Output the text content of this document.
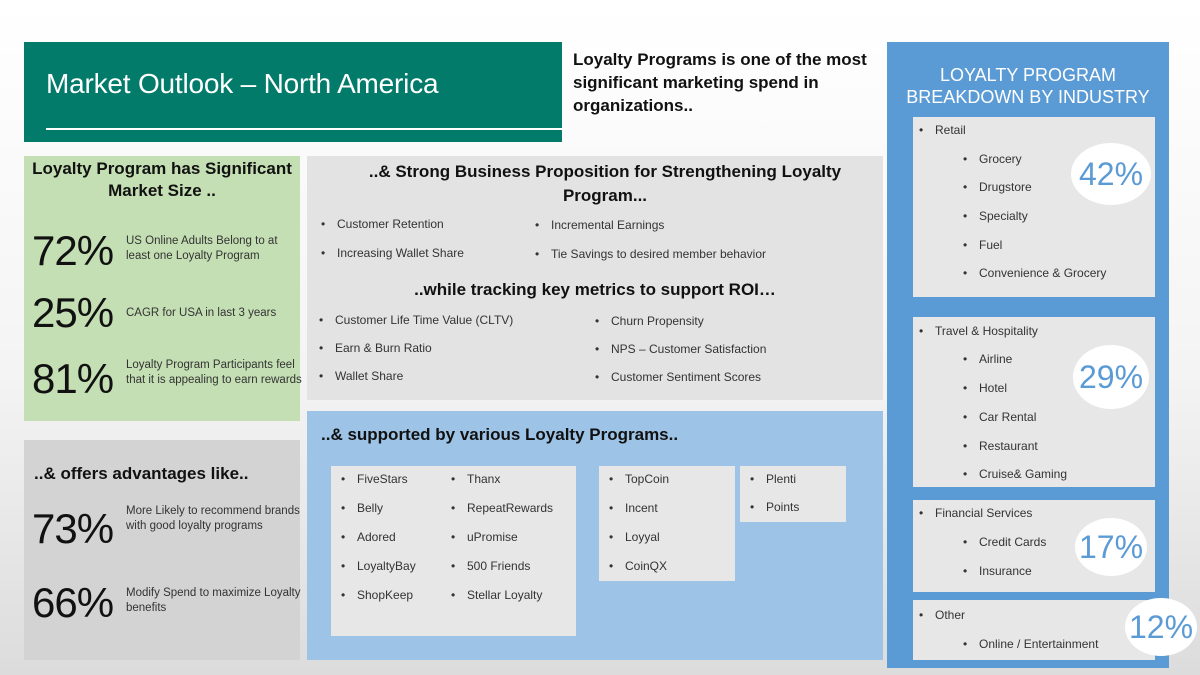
Market Outlook – North America
Loyalty Programs is one of the most significant marketing spend in organizations..
Loyalty Program has Significant Market Size ..
72% US Online Adults Belong to at least one Loyalty Program
25% CAGR for USA in last 3 years
81% Loyalty Program Participants feel that it is appealing to earn rewards
..& offers advantages like..
73% More Likely to recommend brands with good loyalty programs
66% Modify Spend to maximize Loyalty benefits
..& Strong Business Proposition for Strengthening Loyalty Program...
• Customer Retention	• Incremental Earnings
• Increasing Wallet Share	• Tie Savings to desired member behavior
..while tracking key metrics to support ROI…
• Customer Life Time Value (CLTV)	• Churn Propensity
• Earn & Burn Ratio	• NPS – Customer Satisfaction
• Wallet Share	• Customer Sentiment Scores
..& supported by various Loyalty Programs..
• FiveStars
• Belly
• Adored
• LoyaltyBay
• ShopKeep
• Thanx
• RepeatRewards
• uPromise
• 500 Friends
• Stellar Loyalty
• TopCoin
• Incent
• Loyyal
• CoinQX
• Plenti
• Points
LOYALTY PROGRAM
BREAKDOWN BY INDUSTRY
• Retail
• Grocery
• Drugstore
• Specialty
• Fuel
• Convenience & Grocery
42%
• Travel & Hospitality
• Airline
• Hotel
• Car Rental
• Restaurant
• Cruise& Gaming
29%
• Financial Services
• Credit Cards
• Insurance
17%
• Other
• Online / Entertainment 12%
